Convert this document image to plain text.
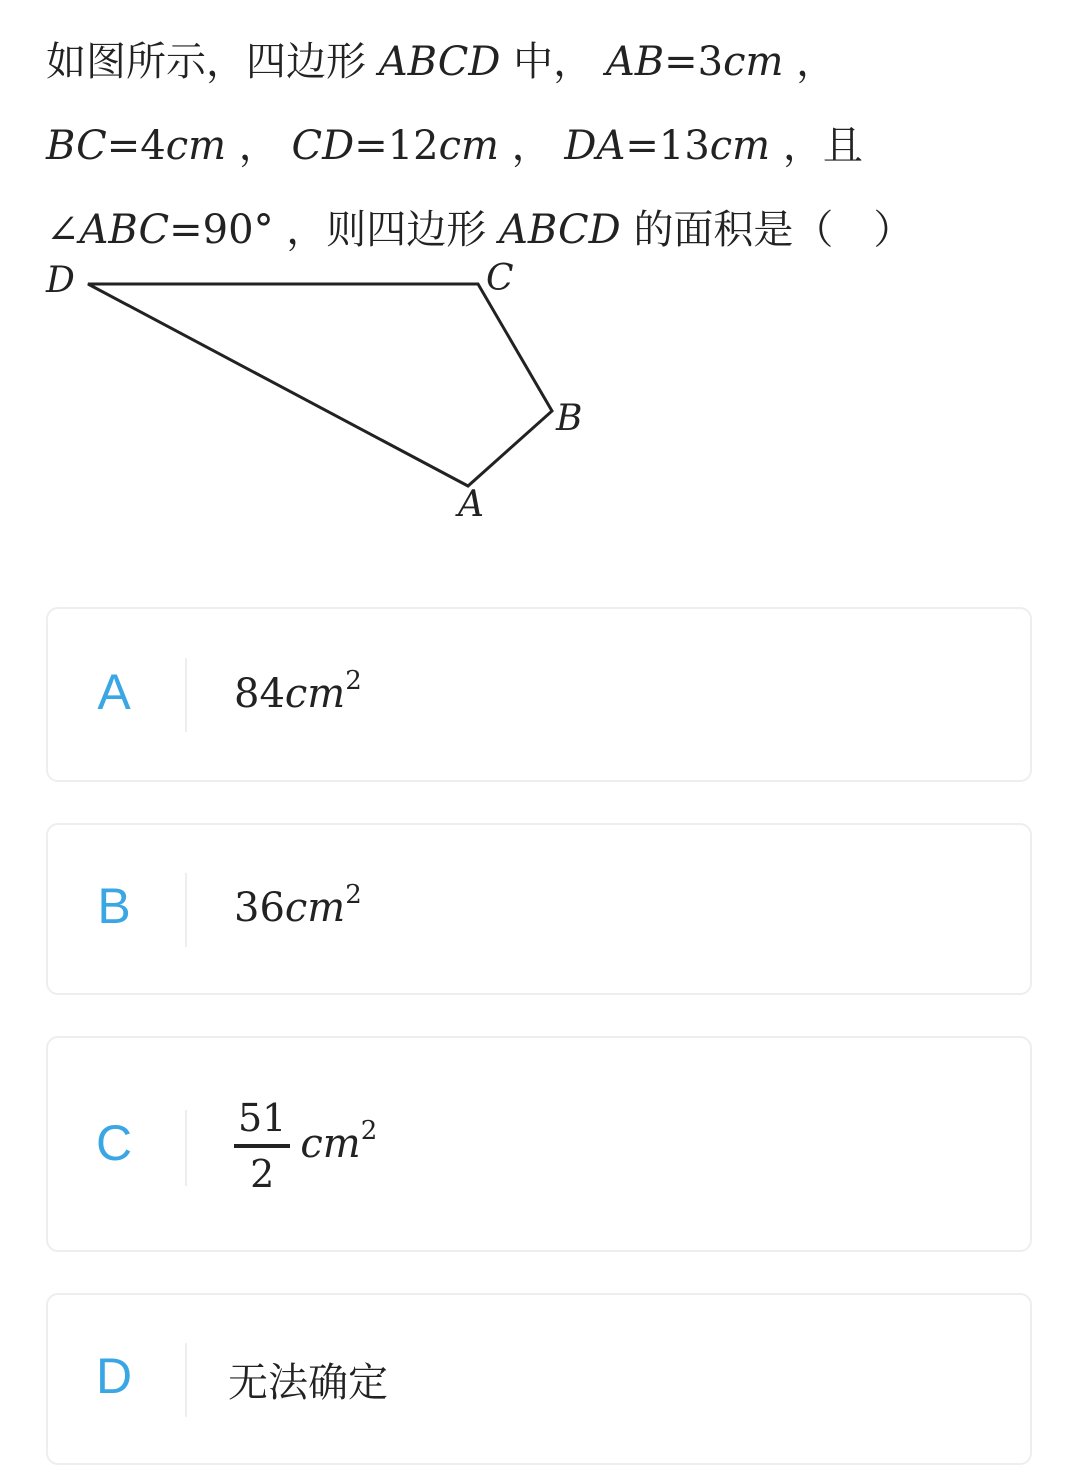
如图所示，四边形 ABCD 中， AB=3cm ，
BC=4cm ， CD=12cm ， DA=13cm ，且
∠ABC=90° ，则四边形 ABCD 的面积是（　）
D	C
B
A
A	$84cm^2$
B	$36cm^2$
C	$\frac{51}{2} cm^2$
D 无法确定
